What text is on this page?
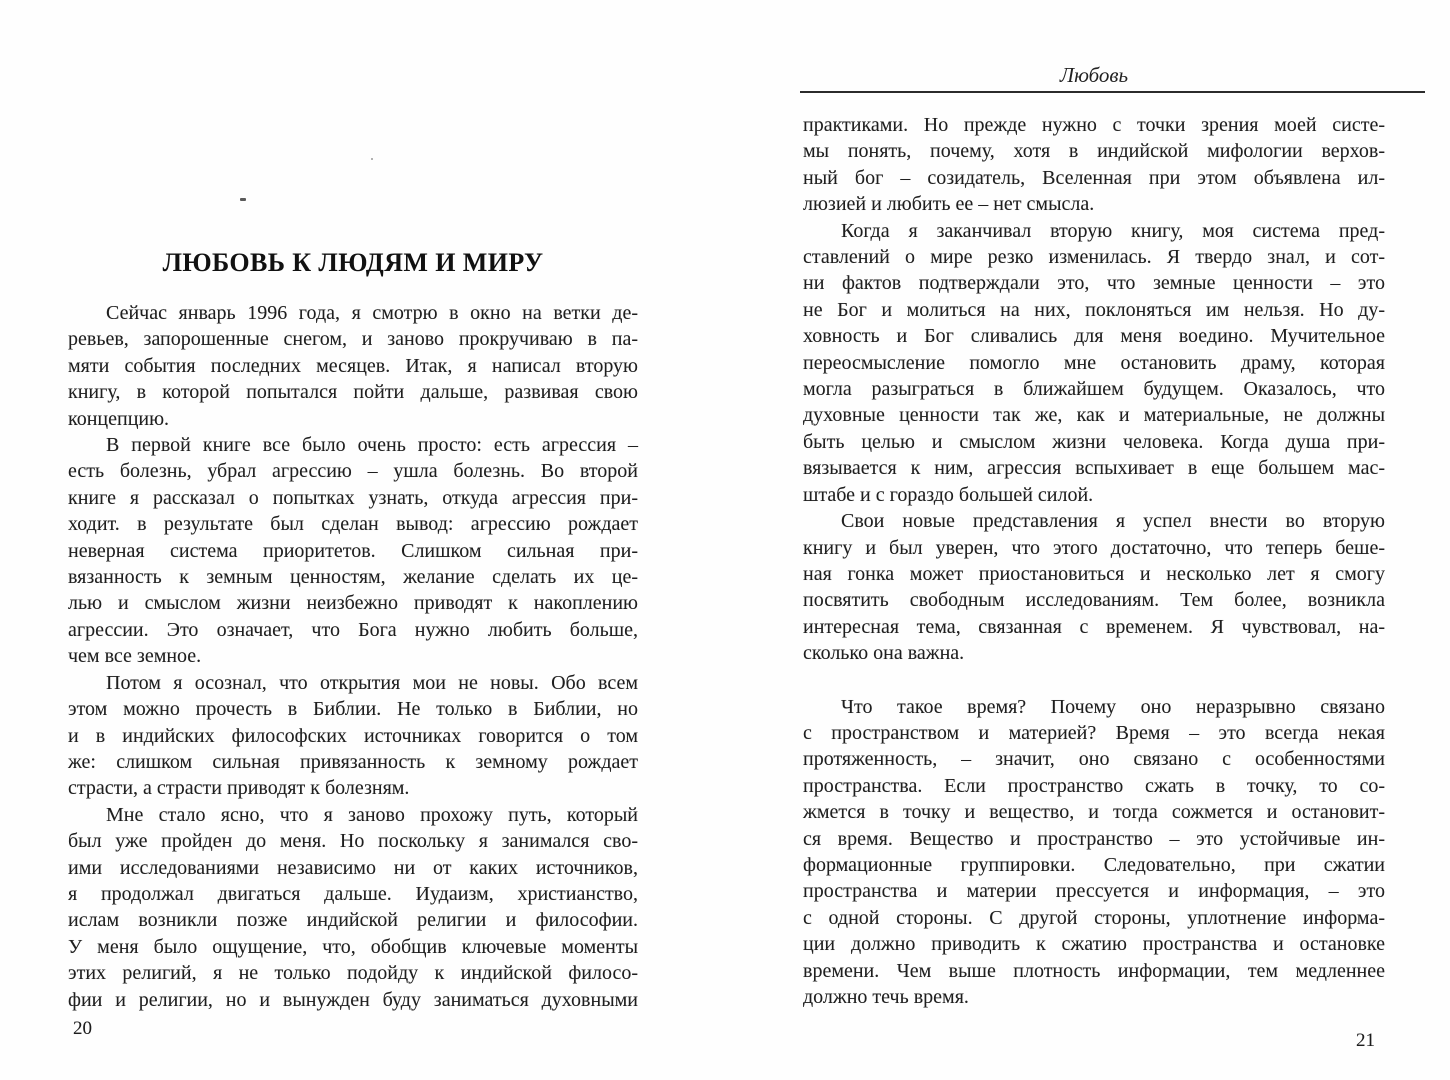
ЛЮБОВЬ К ЛЮДЯМ И МИРУ
Сейчас январь 1996 года, я смотрю в окно на ветки де-
ревьев, запорошенные снегом, и заново прокручиваю в па-
мяти события последних месяцев. Итак, я написал вторую
книгу, в которой попытался пойти дальше, развивая свою
концепцию.
В первой книге все было очень просто: есть агрессия –
есть болезнь, убрал агрессию – ушла болезнь. Во второй
книге я рассказал о попытках узнать, откуда агрессия при-
ходит. в результате был сделан вывод: агрессию рождает
неверная система приоритетов. Слишком сильная при-
вязанность к земным ценностям, желание сделать их це-
лью и смыслом жизни неизбежно приводят к накоплению
агрессии. Это означает, что Бога нужно любить больше,
чем все земное.
Потом я осознал, что открытия мои не новы. Обо всем
этом можно прочесть в Библии. Не только в Библии, но
и в индийских философских источниках говорится о том
же: слишком сильная привязанность к земному рождает
страсти, а страсти приводят к болезням.
Мне стало ясно, что я заново прохожу путь, который
был уже пройден до меня. Но поскольку я занимался сво-
ими исследованиями независимо ни от каких источников,
я продолжал двигаться дальше. Иудаизм, христианство,
ислам возникли позже индийской религии и философии.
У меня было ощущение, что, обобщив ключевые моменты
этих религий, я не только подойду к индийской филосо-
фии и религии, но и вынужден буду заниматься духовными
20
Любовь
практиками. Но прежде нужно с точки зрения моей систе-
мы понять, почему, хотя в индийской мифологии верхов-
ный бог – созидатель, Вселенная при этом объявлена ил-
люзией и любить ее – нет смысла.
Когда я заканчивал вторую книгу, моя система пред-
ставлений о мире резко изменилась. Я твердо знал, и сот-
ни фактов подтверждали это, что земные ценности – это
не Бог и молиться на них, поклоняться им нельзя. Но ду-
ховность и Бог сливались для меня воедино. Мучительное
переосмысление помогло мне остановить драму, которая
могла разыграться в ближайшем будущем. Оказалось, что
духовные ценности так же, как и материальные, не должны
быть целью и смыслом жизни человека. Когда душа при-
вязывается к ним, агрессия вспыхивает в еще большем мас-
штабе и с гораздо большей силой.
Свои новые представления я успел внести во вторую
книгу и был уверен, что этого достаточно, что теперь беше-
ная гонка может приостановиться и несколько лет я смогу
посвятить свободным исследованиям. Тем более, возникла
интересная тема, связанная с временем. Я чувствовал, на-
сколько она важна.
Что такое время? Почему оно неразрывно связано
с пространством и материей? Время – это всегда некая
протяженность, – значит, оно связано с особенностями
пространства. Если пространство сжать в точку, то со-
жмется в точку и вещество, и тогда сожмется и остановит-
ся время. Вещество и пространство – это устойчивые ин-
формационные группировки. Следовательно, при сжатии
пространства и материи прессуется и информация, – это
с одной стороны. С другой стороны, уплотнение информа-
ции должно приводить к сжатию пространства и остановке
времени. Чем выше плотность информации, тем медленнее
должно течь время.
21
